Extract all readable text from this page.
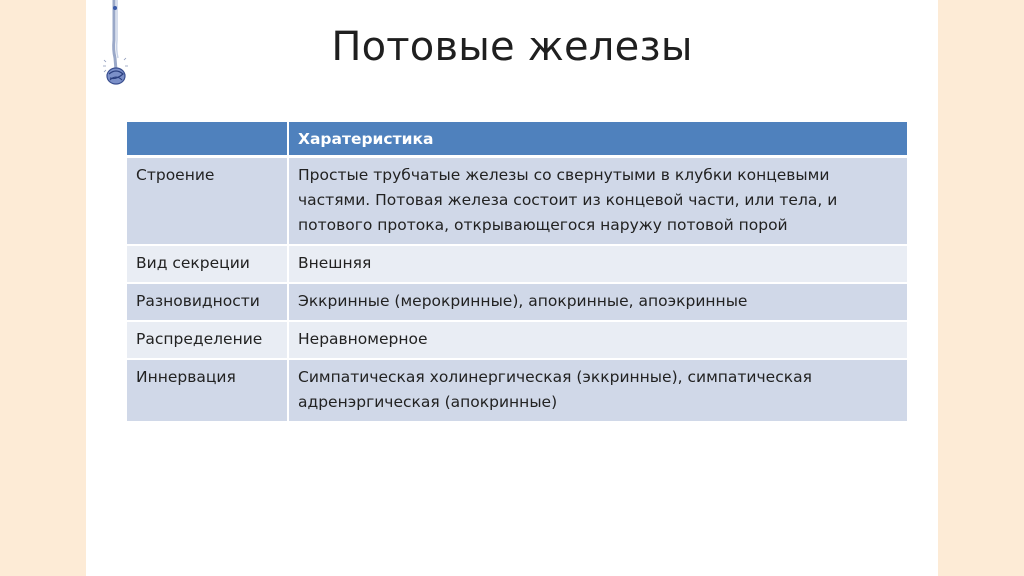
Потовые железы
	Харатеристика
Строение	Простые трубчатые железы со свернутыми в клубки концевыми частями. Потовая железа состоит из концевой части, или тела, и потового протока, открывающегося наружу потовой порой
Вид секреции	Внешняя
Разновидности	Эккринные (мерокринные), апокринные, апоэкринные
Распределение	Неравномерное
Иннервация	Симпатическая холинергическая (эккринные), симпатическая адренэргическая (апокринные)
